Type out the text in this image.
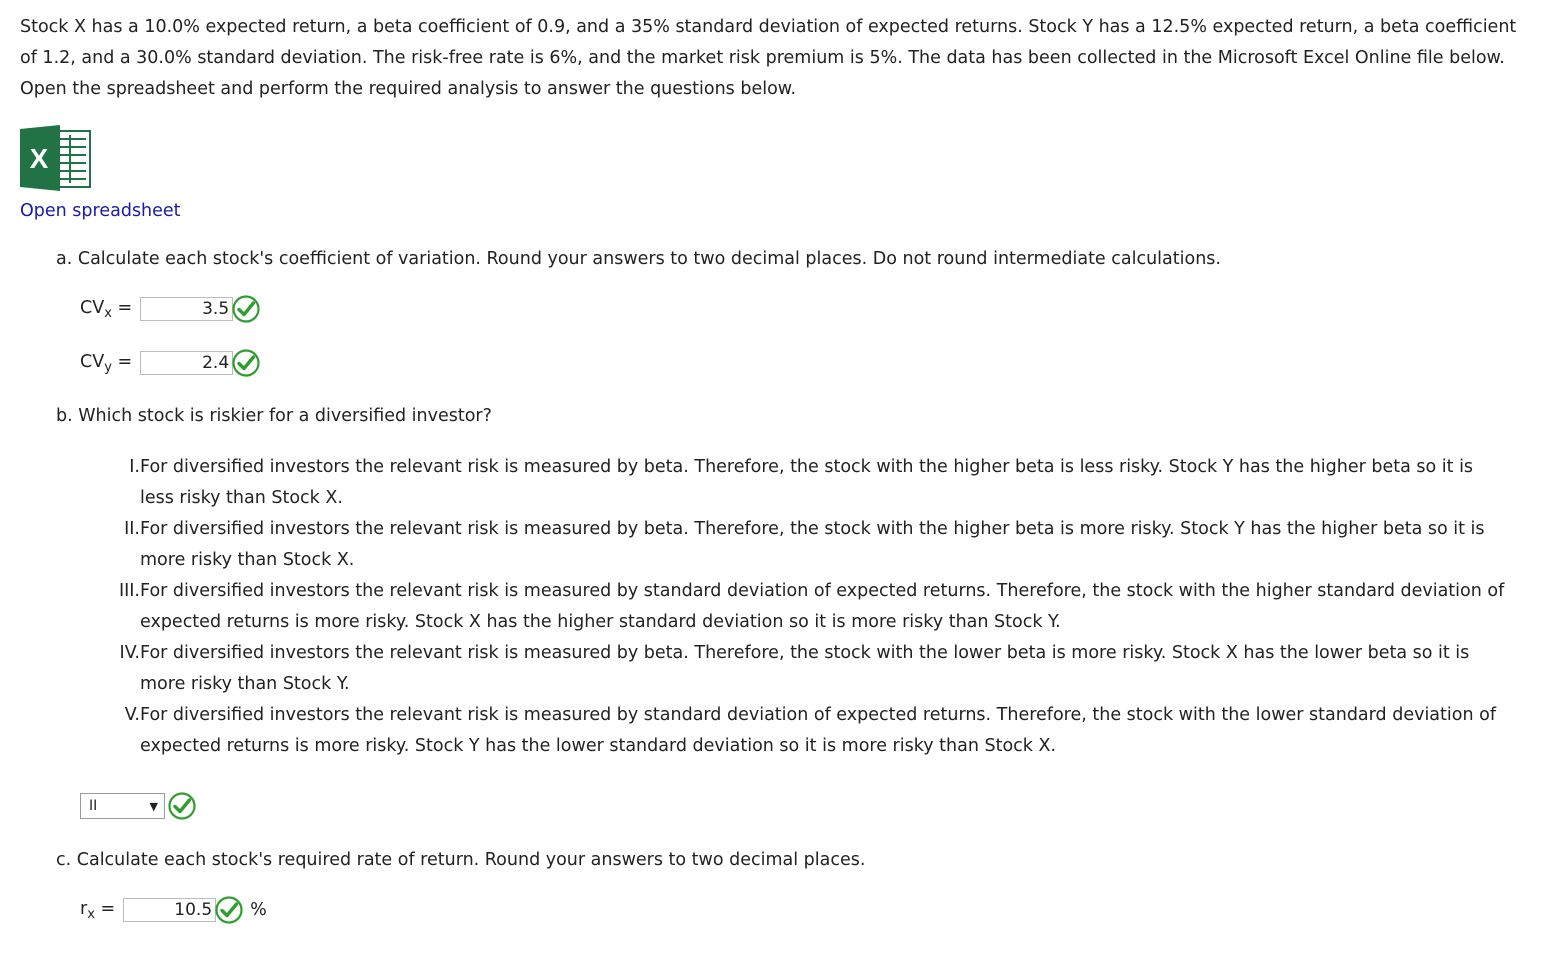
Stock X has a 10.0% expected return, a beta coefficient of 0.9, and a 35% standard deviation of expected returns. Stock Y has a 12.5% expected return, a beta coefficient of 1.2, and a 30.0% standard deviation. The risk-free rate is 6%, and the market risk premium is 5%. The data has been collected in the Microsoft Excel Online file below. Open the spreadsheet and perform the required analysis to answer the questions below.

X
Open spreadsheet

a. Calculate each stock's coefficient of variation. Round your answers to two decimal places. Do not round intermediate calculations.

$CV_x$ =	3.5
$CV_y$ =	2.4

b. Which stock is riskier for a diversified investor?

I. For diversified investors the relevant risk is measured by beta. Therefore, the stock with the higher beta is less risky. Stock Y has the higher beta so it is less risky than Stock X.
II. For diversified investors the relevant risk is measured by beta. Therefore, the stock with the higher beta is more risky. Stock Y has the higher beta so it is more risky than Stock X.
III. For diversified investors the relevant risk is measured by standard deviation of expected returns. Therefore, the stock with the higher standard deviation of expected returns is more risky. Stock X has the higher standard deviation so it is more risky than Stock Y.
IV. For diversified investors the relevant risk is measured by beta. Therefore, the stock with the lower beta is more risky. Stock X has the lower beta so it is more risky than Stock Y.
V. For diversified investors the relevant risk is measured by standard deviation of expected returns. Therefore, the stock with the lower standard deviation of expected returns is more risky. Stock Y has the lower standard deviation so it is more risky than Stock X.
II	▼

c. Calculate each stock's required rate of return. Round your answers to two decimal places.

$r_x$ =	10.5 %
